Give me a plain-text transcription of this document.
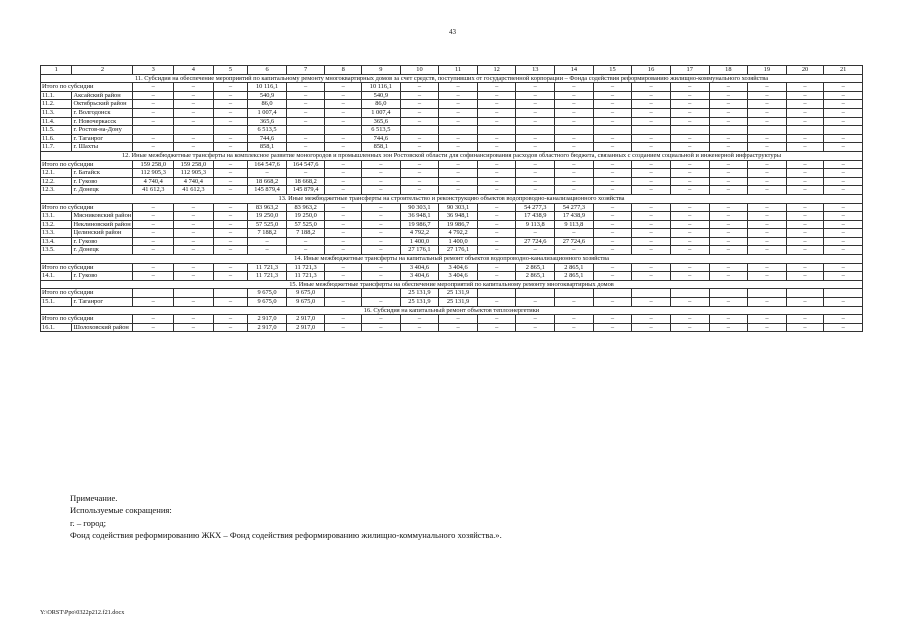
43
1	2	3	4	5	6	7	8	9	10	11	12	13	14	15	16	17	18	19	20	21
11. Субсидия на обеспечение мероприятий по капитальному ремонту многоквартирных домов за счет средств, поступивших от государственной корпорации – Фонда содействия реформированию жилищно-коммунального хозяйства																				
Итого по субсидии		–	–	–	10 116,1	–	–	10 116,1	–	–	–	–	–	–	–	–	–	–	–	–
11.1.	Аксайский район	–	–	–	540,9	–	–	540,9	–	–	–	–	–	–	–	–	–	–	–	–
11.2.	Октябрьский район	–	–	–	86,0	–	–	86,0	–	–	–	–	–	–	–	–	–	–	–	–
11.3.	г. Волгодонск	–	–	–	1 007,4	–	–	1 007,4	–	–	–	–	–	–	–	–	–	–	–	–
11.4.	г. Новочеркасск	–	–	–	365,6	–	–	365,6	–	–	–	–	–	–	–	–	–	–	–	–
11.5.	г. Ростов-на-Дону				6 513,5			6 513,5												
11.6.	г. Таганрог	–	–	–	744,6	–	–	744,6	–	–	–	–	–	–	–	–	–	–	–	–
11.7.	г. Шахты	–	–	–	858,1	–	–	858,1	–	–	–	–	–	–	–	–	–	–	–	–
12. Иные межбюджетные трансферты на комплексное развитие моногородов и промышленных зон Ростовской области для софинансирования расходов областного бюджета, связанных с созданием социальной и инженерной инфраструктуры																				
Итого по субсидии		159 258,0	159 258,0	–	164 547,6	164 547,6	–	–	–	–	–	–	–	–	–	–	–	–	–	–
12.1.	г. Батайск	112 905,3	112 905,3	–	–	–	–	–	–	–	–	–	–	–	–	–	–	–	–	–
12.2.	г. Гуково	4 740,4	4 740,4	–	18 668,2	18 668,2	–	–	–	–	–	–	–	–	–	–	–	–	–	–
12.3.	г. Донецк	41 612,3	41 612,3	–	145 879,4	145 879,4	–	–	–	–	–	–	–	–	–	–	–	–	–	–
13. Иные межбюджетные трансферты на строительство и реконструкцию объектов водопроводно-канализационного хозяйства																				
Итого по субсидии		–	–	–	83 963,2	83 963,2	–	–	90 303,1	90 303,1	–	54 277,3	54 277,3	–	–	–	–	–	–	–
13.1.	Мясниковский район	–	–	–	19 250,0	19 250,0	–	–	36 948,1	36 948,1	–	17 438,9	17 438,9	–	–	–	–	–	–	–
13.2.	Неклиновский район	–	–	–	57 525,0	57 525,0	–	–	19 986,7	19 986,7	–	9 113,8	9 113,8	–	–	–	–	–	–	–
13.3.	Целинский район	–	–	–	7 188,2	7 188,2	–	–	4 792,2	4 792,2	–	–	–	–	–	–	–	–	–	–
13.4.	г. Гуково	–	–	–	–	–	–	–	1 400,0	1 400,0	–	27 724,6	27 724,6	–	–	–	–	–	–	–
13.5.	г. Донецк	–	–	–	–	–	–	–	27 176,1	27 176,1	–	–	–	–	–	–	–	–	–	–
14. Иные межбюджетные трансферты на капитальный ремонт объектов водопроводно-канализационного хозяйства																				
Итого по субсидии		–	–	–	11 721,3	11 721,3	–	–	3 404,6	3 404,6	–	2 865,1	2 865,1	–	–	–	–	–	–	–
14.1.	г. Гуково	–	–	–	11 721,3	11 721,3	–	–	3 404,6	3 404,6	–	2 865,1	2 865,1	–	–	–	–	–	–	–
15. Иные межбюджетные трансферты на обеспечение мероприятий по капитальному ремонту многоквартирных домов																				
Итого по субсидии					9 675,0	9 675,0			25 131,9	25 131,9										
15.1.	г. Таганрог	–	–	–	9 675,0	9 675,0	–	–	25 131,9	25 131,9	–	–	–	–	–	–	–	–	–	–
16. Субсидия на капитальный ремонт объектов теплоэнергетики																				
Итого по субсидии		–	–	–	2 917,0	2 917,0	–	–	–	–	–	–	–	–	–	–	–	–	–	–
16.1.	Шолоховский район	–	–	–	2 917,0	2 917,0	–	–	–	–	–	–	–	–	–	–	–	–	–	–
Примечание.
Используемые сокращения:
г. – город;
Фонд содействия реформированию ЖКХ – Фонд содействия реформированию жилищно-коммунального хозяйства.».
Y:\ORST\Ppo\0322p212.f21.docx
